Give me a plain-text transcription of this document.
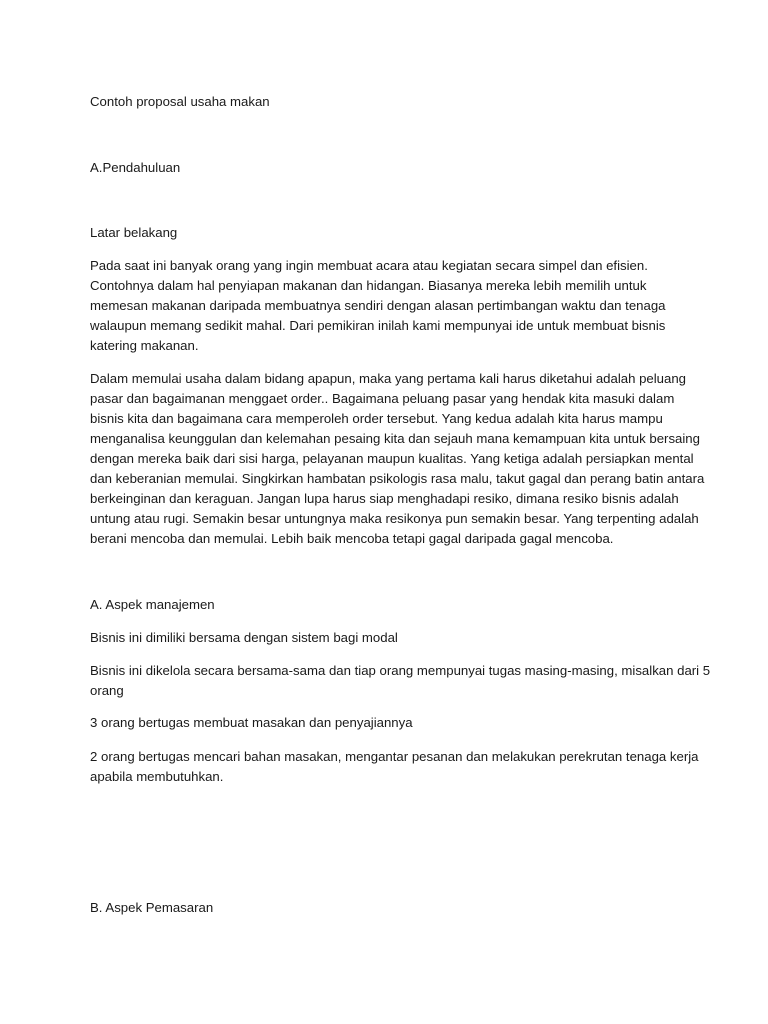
Contoh proposal usaha makan
A.Pendahuluan
Latar belakang
Pada saat ini banyak orang yang ingin membuat acara atau kegiatan secara simpel dan efisien.
Contohnya dalam hal penyiapan makanan dan hidangan. Biasanya mereka lebih memilih untuk
memesan makanan daripada membuatnya sendiri dengan alasan pertimbangan waktu dan tenaga
walaupun memang sedikit mahal. Dari pemikiran inilah kami mempunyai ide untuk membuat bisnis
katering makanan.
Dalam memulai usaha dalam bidang apapun, maka yang pertama kali harus diketahui adalah peluang
pasar dan bagaimanan menggaet order.. Bagaimana peluang pasar yang hendak kita masuki dalam
bisnis kita dan bagaimana cara memperoleh order tersebut. Yang kedua adalah kita harus mampu
menganalisa keunggulan dan kelemahan pesaing kita dan sejauh mana kemampuan kita untuk bersaing
dengan mereka baik dari sisi harga, pelayanan maupun kualitas. Yang ketiga adalah persiapkan mental
dan keberanian memulai. Singkirkan hambatan psikologis rasa malu, takut gagal dan perang batin antara
berkeinginan dan keraguan. Jangan lupa harus siap menghadapi resiko, dimana resiko bisnis adalah
untung atau rugi. Semakin besar untungnya maka resikonya pun semakin besar. Yang terpenting adalah
berani mencoba dan memulai. Lebih baik mencoba tetapi gagal daripada gagal mencoba.
A. Aspek manajemen
Bisnis ini dimiliki bersama dengan sistem bagi modal
Bisnis ini dikelola secara bersama-sama dan tiap orang mempunyai tugas masing-masing, misalkan dari 5
orang
3 orang bertugas membuat masakan dan penyajiannya
2 orang bertugas mencari bahan masakan, mengantar pesanan dan melakukan perekrutan tenaga kerja
apabila membutuhkan.
B. Aspek Pemasaran
